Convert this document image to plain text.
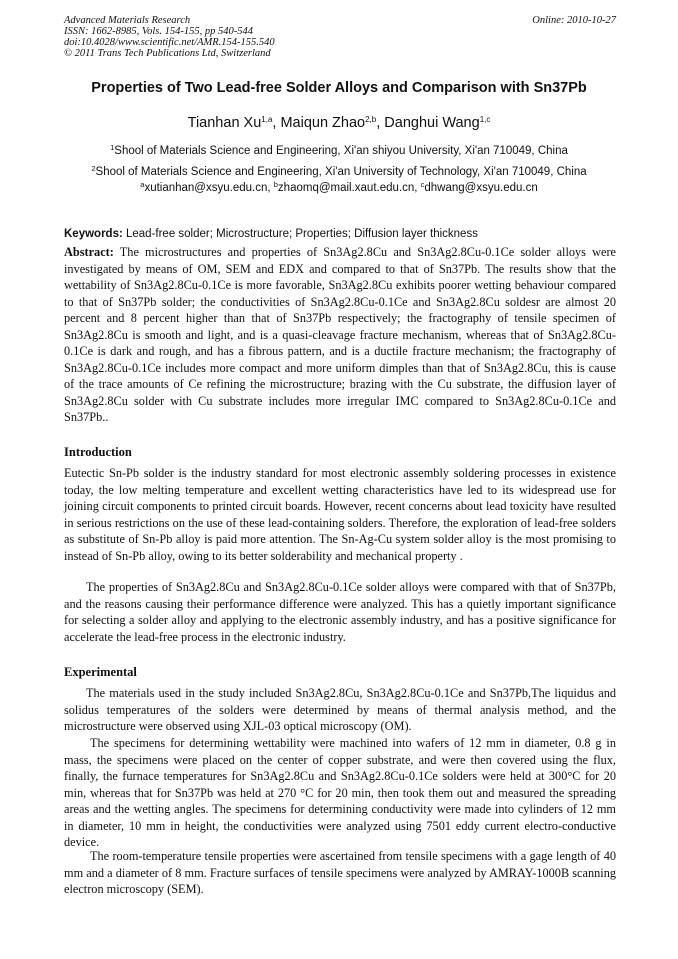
Advanced Materials Research
ISSN: 1662-8985, Vols. 154-155, pp 540-544
doi:10.4028/www.scientific.net/AMR.154-155.540
© 2011 Trans Tech Publications Ltd, Switzerland
Online: 2010-10-27
Properties of Two Lead-free Solder Alloys and Comparison with Sn37Pb
Tianhan Xu$^{1,a}$, Maiqun Zhao$^{2,b}$, Danghui Wang$^{1,c}$
$^1$Shool of Materials Science and Engineering, Xi'an shiyou University, Xi'an 710049, China
$^2$Shool of Materials Science and Engineering, Xi'an University of Technology, Xi'an 710049, China
$^a$xutianhan@xsyu.edu.cn, $^b$zhaomq@mail.xaut.edu.cn, $^c$dhwang@xsyu.edu.cn
Keywords: Lead-free solder; Microstructure; Properties; Diffusion layer thickness

Abstract: The microstructures and properties of Sn3Ag2.8Cu and Sn3Ag2.8Cu-0.1Ce solder alloys were investigated by means of OM, SEM and EDX and compared to that of Sn37Pb. The results show that the wettability of Sn3Ag2.8Cu-0.1Ce is more favorable, Sn3Ag2.8Cu exhibits poorer wetting behaviour compared to that of Sn37Pb solder; the conductivities of Sn3Ag2.8Cu-0.1Ce and Sn3Ag2.8Cu soldesr are almost 20 percent and 8 percent higher than that of Sn37Pb respectively; the fractography of tensile specimen of Sn3Ag2.8Cu is smooth and light, and is a quasi-cleavage fracture mechanism, whereas that of Sn3Ag2.8Cu-0.1Ce is dark and rough, and has a fibrous pattern, and is a ductile fracture mechanism; the fractography of Sn3Ag2.8Cu-0.1Ce includes more compact and more uniform dimples than that of Sn3Ag2.8Cu, this is cause of the trace amounts of Ce refining the microstructure; brazing with the Cu substrate, the diffusion layer of Sn3Ag2.8Cu solder with Cu substrate includes more irregular IMC compared to Sn3Ag2.8Cu-0.1Ce and Sn37Pb..

Introduction

Eutectic Sn-Pb solder is the industry standard for most electronic assembly soldering processes in existence today, the low melting temperature and excellent wetting characteristics have led to its widespread use for joining circuit components to printed circuit boards. However, recent concerns about lead toxicity have resulted in serious restrictions on the use of these lead-containing solders. Therefore, the exploration of lead-free solders as substitute of Sn-Pb alloy is paid more attention. The Sn-Ag-Cu system solder alloy is the most promising to instead of Sn-Pb alloy, owing to its better solderability and mechanical property .

The properties of Sn3Ag2.8Cu and Sn3Ag2.8Cu-0.1Ce solder alloys were compared with that of Sn37Pb, and the reasons causing their performance difference were analyzed. This has a quietly important significance for selecting a solder alloy and applying to the electronic assembly industry, and has a positive significance for accelerate the lead-free process in the electronic industry.

Experimental

The materials used in the study included Sn3Ag2.8Cu, Sn3Ag2.8Cu-0.1Ce and Sn37Pb,The liquidus and solidus temperatures of the solders were determined by means of thermal analysis method, and the microstructure were observed using XJL-03 optical microscopy (OM).

The specimens for determining wettability were machined into wafers of 12 mm in diameter, 0.8 g in mass, the specimens were placed on the center of copper substrate, and were then covered using the flux, finally, the furnace temperatures for Sn3Ag2.8Cu and Sn3Ag2.8Cu-0.1Ce solders were held at 300°C for 20 min, whereas that for Sn37Pb was held at 270 °C for 20 min, then took them out and measured the spreading areas and the wetting angles. The specimens for determining conductivity were made into cylinders of 12 mm in diameter, 10 mm in height, the conductivities were analyzed using 7501 eddy current electro-conductive device.

The room-temperature tensile properties were ascertained from tensile specimens with a gage length of 40 mm and a diameter of 8 mm. Fracture surfaces of tensile specimens were analyzed by AMRAY-1000B scanning electron microscopy (SEM).
